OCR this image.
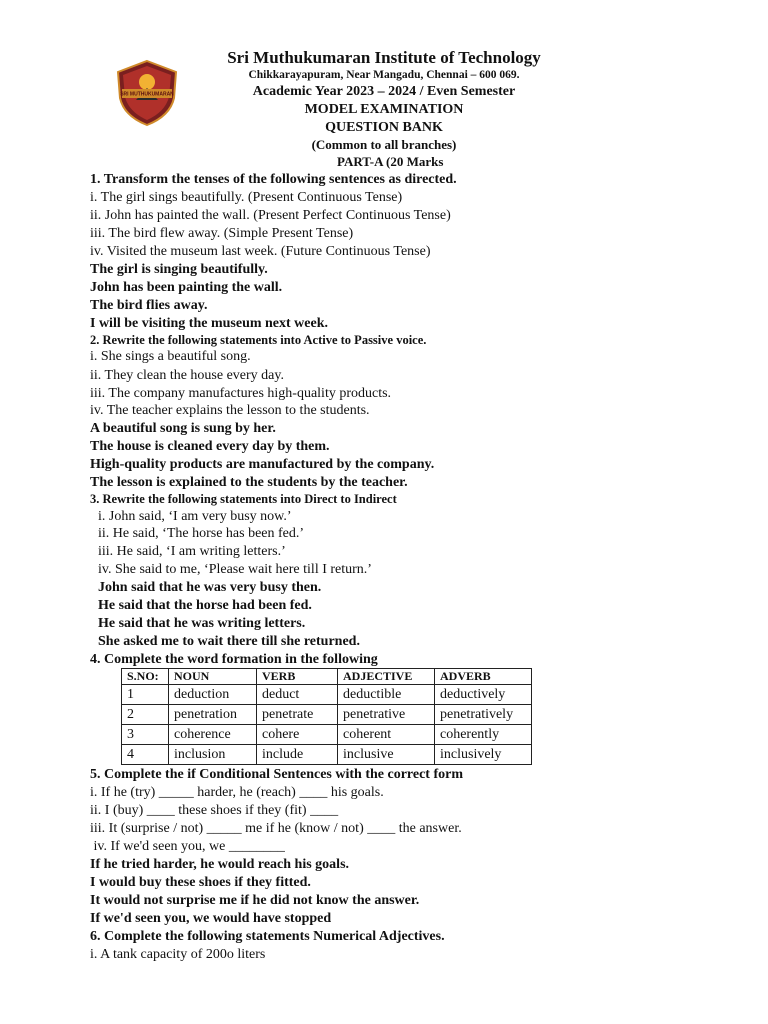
SRI MUTHUKUMARAN
Sri Muthukumaran Institute of Technology
Chikkarayapuram, Near Mangadu, Chennai – 600 069.
Academic Year 2023 – 2024 / Even Semester
MODEL EXAMINATION
QUESTION BANK
(Common to all branches)
PART-A (20 Marks
1. Transform the tenses of the following sentences as directed.
i. The girl sings beautifully. (Present Continuous Tense)
ii. John has painted the wall. (Present Perfect Continuous Tense)
iii. The bird flew away. (Simple Present Tense)
iv. Visited the museum last week. (Future Continuous Tense)
The girl is singing beautifully.
John has been painting the wall.
The bird flies away.
I will be visiting the museum next week.
2. Rewrite the following statements into Active to Passive voice.
i. She sings a beautiful song.
ii. They clean the house every day.
iii. The company manufactures high-quality products.
iv. The teacher explains the lesson to the students.
A beautiful song is sung by her.
The house is cleaned every day by them.
High-quality products are manufactured by the company.
The lesson is explained to the students by the teacher.
3. Rewrite the following statements into Direct to Indirect
i. John said, ‘I am very busy now.’
ii. He said, ‘The horse has been fed.’
iii. He said, ‘I am writing letters.’
iv. She said to me, ‘Please wait here till I return.’
John said that he was very busy then.
He said that the horse had been fed.
He said that he was writing letters.
She asked me to wait there till she returned.
4. Complete the word formation in the following
S.NO:	NOUN	VERB	ADJECTIVE	ADVERB
1	deduction	deduct	deductible	deductively
2	penetration	penetrate	penetrative	penetratively
3	coherence	cohere	coherent	coherently
4	inclusion	include	inclusive	inclusively
5. Complete the if Conditional Sentences with the correct form
i. If he (try) _____ harder, he (reach) ____ his goals.
ii. I (buy) ____ these shoes if they (fit) ____
iii. It (surprise / not) _____ me if he (know / not) ____ the answer.
iv. If we'd seen you, we ________
If he tried harder, he would reach his goals.
I would buy these shoes if they fitted.
It would not surprise me if he did not know the answer.
If we'd seen you, we would have stopped
6. Complete the following statements Numerical Adjectives.
i. A tank capacity of 200o liters
